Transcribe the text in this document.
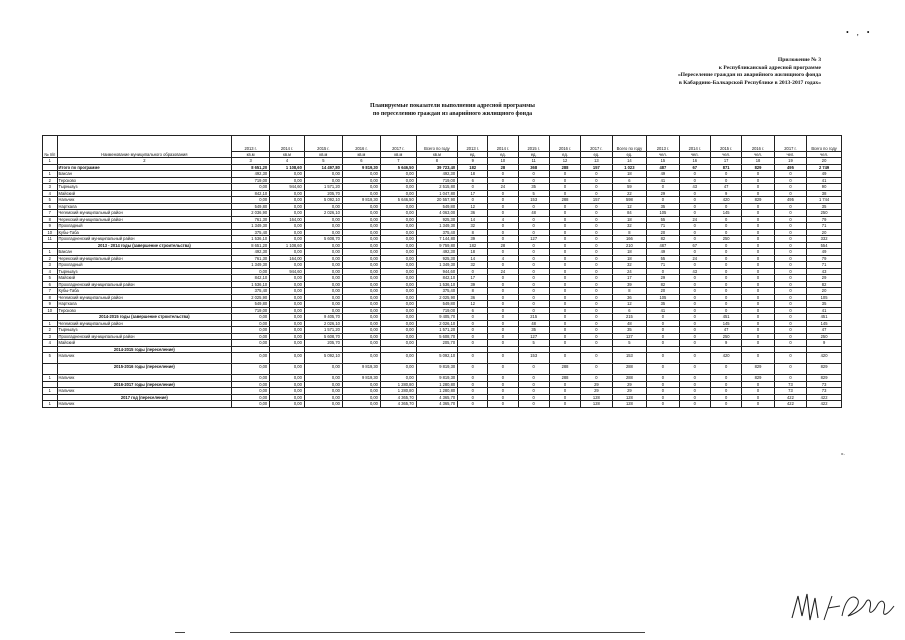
• , •
Приложение № 3
к Республиканской адресной программе
«Переселение граждан из аварийного жилищного фонда
в Кабардино-Балкарской Республике в 2013-2017 годах»
Планируемые показатели выполнения адресной программы
по переселению граждан из аварийного жилищного фонда
№ п/п	Наименование муниципального образования	2013 г.	2014 г.	2015 г.	2016 г.	2017 г.	Всего по году	2013 г.	2014 г.	2015 г.	2016 г.	2017 г.	Всего по году	2013 г.	2014 г.	2015 г.	2016 г.	2017 г.	Всего по году
		кв.м	кв.м	кв.м	кв.м	кв.м	кв.м	ед.	ед.	ед.	ед.	ед.	ед.	чел.	чел.	чел.	чел.	чел.	чел.
1	2	3	4	5	6	7	8	9	10	11	12	13	14	15	16	17	18	19	20
	Итого по программе	8 651,20	1 108,60	14 497,80	9 819,30	5 646,50	39 723,40	182	28	368	288	157	1 023	487	67	871	829	495	2 749
1	Баксан	492,30	0,00	0,00	0,00	0,00	492,30	18	0	0	0	0	18	49	0	0	0	0	49
2	Терсково	719,00	0,00	0,00	0,00	0,00	719,00	6	0	0	0	0	6	41	0	0	0	0	41
3	Тырныауз	0,00	944,60	1 571,20	0,00	0,00	2 515,80	0	24	35	0	0	59	0	43	47	0	0	90
4	Майский	842,10	0,00	205,70	0,00	0,00	1 047,80	17	0	5	0	0	22	29	0	9	0	0	38
5	Нальчик	0,00	0,00	5 092,10	9 819,30	5 646,50	20 557,90	0	0	153	288	157	598	0	0	420	829	495	1 744
6	Нарткала	549,80	0,00	0,00	0,00	0,00	549,80	12	0	0	0	0	12	35	0	0	0	0	35
7	Чегемский муниципальный район	2 036,90	0,00	2 026,10	0,00	0,00	4 063,00	36	0	48	0	0	84	105	0	145	0	0	250
8	Черекский муниципальный район	761,30	164,00	0,00	0,00	0,00	925,30	14	4	0	0	0	18	55	24	0	0	0	79
9	Прохладный	1 349,30	0,00	0,00	0,00	0,00	1 349,30	32	0	0	0	0	32	71	0	0	0	0	71
10	Кубы-Таба	375,40	0,00	0,00	0,00	0,00	375,40	8	0	0	0	0	8	20	0	0	0	0	20
11	Прохладненский муниципальный район	1 536,10	0,00	5 608,70	0,00	0,00	7 144,80	39	0	127	0	0	166	82	0	250	0	0	332
	2013 - 2014 годы (завершение строительства)	8 651,20	1 108,60	0,00	0,00	0,00	9 759,80	182	28	0	0	0	210	487	67	0	0	0	554
1	Баксан	492,30	0,00	0,00	0,00	0,00	492,30	18	0	0	0	0	18	49	0	0	0	0	49
2	Черекский муниципальный район	761,30	164,00	0,00	0,00	0,00	925,30	14	4	0	0	0	18	55	24	0	0	0	79
3	Прохладный	1 349,30	0,00	0,00	0,00	0,00	1 349,30	32	0	0	0	0	32	71	0	0	0	0	71
4	Тырныауз	0,00	944,60	0,00	0,00	0,00	944,60	0	24	0	0	0	24	0	43	0	0	0	43
5	Майский	842,10	0,00	0,00	0,00	0,00	842,10	17	0	0	0	0	17	29	0	0	0	0	29
6	Прохладненский муниципальный район	1 536,10	0,00	0,00	0,00	0,00	1 536,10	39	0	0	0	0	39	82	0	0	0	0	82
7	Кубы-Таба	375,40	0,00	0,00	0,00	0,00	375,40	8	0	0	0	0	8	20	0	0	0	0	20
8	Чегемский муниципальный район	2 025,90	0,00	0,00	0,00	0,00	2 025,90	36	0	0	0	0	36	105	0	0	0	0	105
9	Нарткала	549,80	0,00	0,00	0,00	0,00	549,80	12	0	0	0	0	12	35	0	0	0	0	35
10	Терсково	719,00	0,00	0,00	0,00	0,00	719,00	6	0	0	0	0	6	41	0	0	0	0	41
	2014-2015 годы (завершение строительства)	0,00	0,00	9 405,70	0,00	0,00	9 405,70	0	0	215	0	0	215	0	0	451	0	0	451
1	Чегемский муниципальный район	0,00	0,00	2 026,10	0,00	0,00	2 026,10	0	0	48	0	0	48	0	0	145	0	0	145
2	Тырныауз	0,00	0,00	1 571,20	0,00	0,00	1 571,20	0	0	35	0	0	35	0	0	47	0	0	47
3	Прохладненский муниципальный район	0,00	0,00	5 608,70	0,00	0,00	5 608,70	0	0	127	0	0	127	0	0	250	0	0	250
4	Майский	0,00	0,00	205,70	0,00	0,00	205,70	0	0	5	0	0	5	0	0	9	0	0	9
	2014-2015 годы (переселение)																		
5	Нальчик	0,00	0,00	5 092,10	0,00	0,00	5 092,10	0	0	153	0	0	153	0	0	420	0	0	420
	2015-2016 годы (переселение)	0,00	0,00	0,00	9 819,30	0,00	9 819,30	0	0	0	288	0	288	0	0	0	829	0	829
1	Нальчик	0,00	0,00	0,00	9 819,30	0,00	9 819,30	0	0	0	288	0	288	0	0	0	829	0	829
	2016-2017 годы (переселение)	0,00	0,00	0,00	0,00	1 280,80	1 280,80	0	0	0	0	29	29	0	0	0	0	73	73
1	Нальчик	0,00	0,00	0,00	0,00	1 280,80	1 280,80	0	0	0	0	29	29	0	0	0	0	73	73
	2017 год (переселение)	0,00	0,00	0,00	0,00	4 365,70	4 365,70	0	0	0	0	128	128	0	0	0	0	422	422
1	Нальчик	0,00	0,00	0,00	0,00	4 365,70	4 365,70	0	0	0	0	128	128	0	0	0	0	422	422
».
